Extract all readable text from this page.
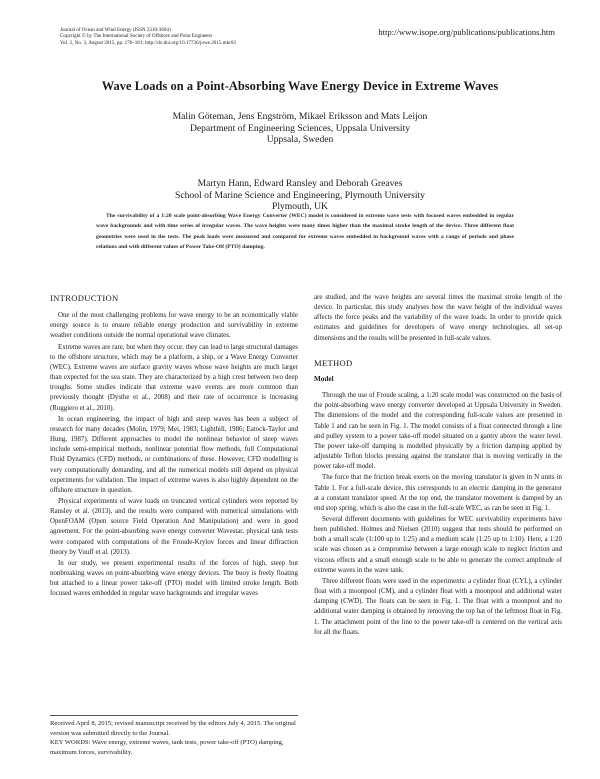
Journal of Ocean and Wind Energy (ISSN 2310-3604)
Copyright © by The International Society of Offshore and Polar Engineers
Vol. 2, No. 3, August 2015, pp. 176–181; http://dx.doi.org/10.17736/jowe.2015.mkr03
http://www.isope.org/publications/publications.htm
Wave Loads on a Point-Absorbing Wave Energy Device in Extreme Waves
Malin Göteman, Jens Engström, Mikael Eriksson and Mats Leijon
Department of Engineering Sciences, Uppsala University
Uppsala, Sweden
Martyn Hann, Edward Ransley and Deborah Greaves
School of Marine Science and Engineering, Plymouth University
Plymouth, UK
The survivability of a 1:20 scale point-absorbing Wave Energy Converter (WEC) model is considered in extreme wave tests with focused waves embedded in regular wave backgrounds and with time series of irregular waves. The wave heights were many times higher than the maximal stroke length of the device. Three different float geometries were used in the tests. The peak loads were measured and compared for extreme waves embedded in background waves with a range of periods and phase relations and with different values of Power Take-Off (PTO) damping.
INTRODUCTION

One of the most challenging problems for wave energy to be an economically viable energy source is to ensure reliable energy production and survivability in extreme weather conditions outside the normal operational wave climates.

Extreme waves are rare, but when they occur, they can lead to large structural damages to the offshore structure, which may be a platform, a ship, or a Wave Energy Converter (WEC). Extreme waves are surface gravity waves whose wave heights are much larger than expected for the sea state. They are characterized by a high crest between two deep troughs. Some studies indicate that extreme wave events are more common than previously thought (Dysthe et al., 2008) and their rate of occurrence is increasing (Ruggiero et al., 2010).

In ocean engineering, the impact of high and steep waves has been a subject of research for many decades (Molin, 1979; Mei, 1983; Lighthill, 1986; Eatock-Taylor and Hung, 1987). Different approaches to model the nonlinear behavior of steep waves include semi-empirical methods, nonlinear potential flow methods, full Computational Fluid Dynamics (CFD) methods, or combinations of these. However, CFD modelling is very computationally demanding, and all the numerical models still depend on physical experiments for validation. The impact of extreme waves is also highly dependent on the offshore structure in question.

Physical experiments of wave loads on truncated vertical cylinders were reported by Ransley et al. (2013), and the results were compared with numerical simulations with OpenFOAM (Open source Field Operation And Manipulation) and were in good agreement. For the point-absorbing wave energy converter Wavestar, physical tank tests were compared with computations of the Froude-Krylov forces and linear diffraction theory by Vuuff et al. (2013).

In our study, we present experimental results of the forces of high, steep but nonbreaking waves on point-absorbing wave energy devices. The buoy is freely floating but attached to a linear power take-off (PTO) model with limited stroke length. Both focused waves embedded in regular wave backgrounds and irregular waves

are studied, and the wave heights are several times the maximal stroke length of the device. In particular, this study analyses how the wave height of the individual waves affects the force peaks and the variability of the wave loads. In order to provide quick estimates and guidelines for developers of wave energy technologies, all set-up dimensions and the results will be presented in full-scale values.

METHOD
Model

Through the use of Froude scaling, a 1:20 scale model was constructed on the basis of the point-absorbing wave energy converter developed at Uppsala University in Sweden. The dimensions of the model and the corresponding full-scale values are presented in Table 1 and can be seen in Fig. 1. The model consists of a float connected through a line and pulley system to a power take-off model situated on a gantry above the water level. The power take-off damping is modelled physically by a friction damping applied by adjustable Teflon blocks pressing against the translator that is moving vertically in the power take-off model.

The force that the friction break exerts on the moving translator is given in N units in Table 1. For a full-scale device, this corresponds to an electric damping in the generator at a constant translator speed. At the top end, the translator movement is damped by an end stop spring, which is also the case in the full-scale WEC, as can be seen in Fig. 1.

Several different documents with guidelines for WEC survivability experiments have been published. Holmes and Nielsen (2010) suggest that tests should be performed on both a small scale (1:100 up to 1:25) and a medium scale (1:25 up to 1:10). Here, a 1:20 scale was chosen as a compromise between a large enough scale to neglect friction and viscous effects and a small enough scale to be able to generate the correct amplitude of extreme waves in the wave tank.

Three different floats were used in the experiments: a cylinder float (CYL), a cylinder float with a moonpool (CM), and a cylinder float with a moonpool and additional water damping (CWD). The floats can be seen in Fig. 1. The float with a moonpool and no additional water damping is obtained by removing the top hat of the leftmost float in Fig. 1. The attachment point of the line to the power take-off is centered on the vertical axis for all the floats.

Received April 8, 2015; revised manuscript received by the editors July 4, 2015. The original version was submitted directly to the Journal.
KEY WORDS: Wave energy, extreme waves, tank tests, power take-off (PTO) damping, maximum forces, survivability.
